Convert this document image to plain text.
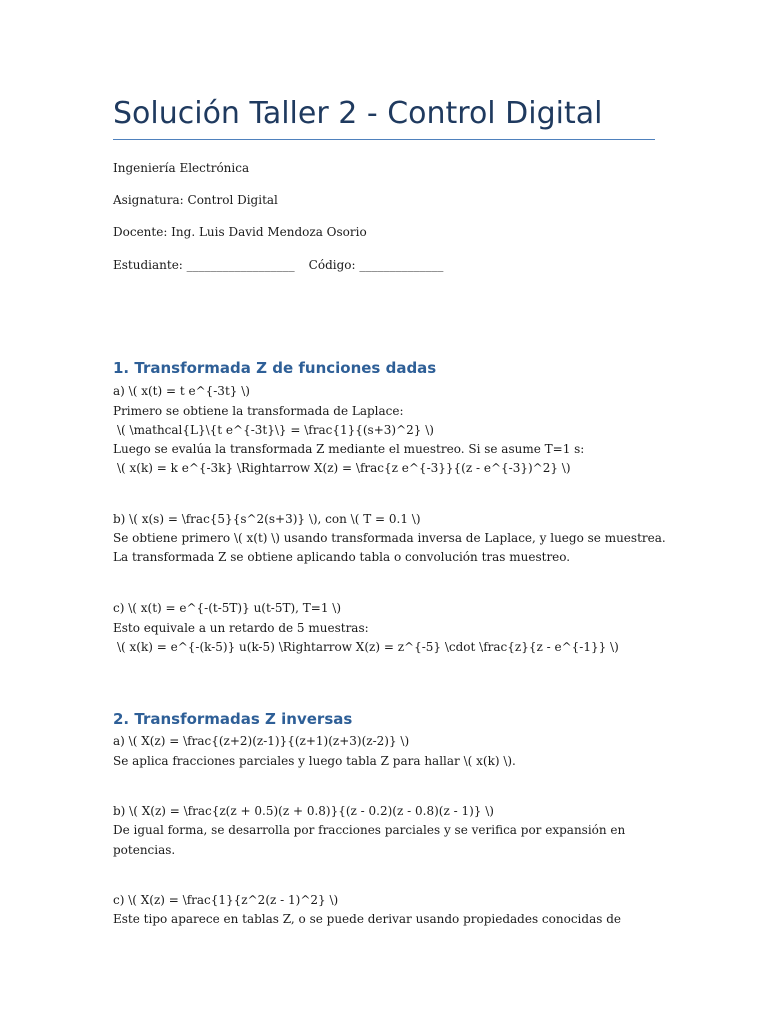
Solución Taller 2 - Control Digital
Ingeniería Electrónica
Asignatura: Control Digital
Docente: Ing. Luis David Mendoza Osorio
Estudiante: __________________ Código: ______________
1. Transformada Z de funciones dadas
a) \( x(t) = t e^{-3t} \)
Primero se obtiene la transformada de Laplace:
\( \mathcal{L}\{t e^{-3t}\} = \frac{1}{(s+3)^2} \)
Luego se evalúa la transformada Z mediante el muestreo. Si se asume T=1 s:
\( x(k) = k e^{-3k} \Rightarrow X(z) = \frac{z e^{-3}}{(z - e^{-3})^2} \)
b) \( x(s) = \frac{5}{s^2(s+3)} \), con \( T = 0.1 \)
Se obtiene primero \( x(t) \) usando transformada inversa de Laplace, y luego se muestrea.
La transformada Z se obtiene aplicando tabla o convolución tras muestreo.
c) \( x(t) = e^{-(t-5T)} u(t-5T), T=1 \)
Esto equivale a un retardo de 5 muestras:
\( x(k) = e^{-(k-5)} u(k-5) \Rightarrow X(z) = z^{-5} \cdot \frac{z}{z - e^{-1}} \)
2. Transformadas Z inversas
a) \( X(z) = \frac{(z+2)(z-1)}{(z+1)(z+3)(z-2)} \)
Se aplica fracciones parciales y luego tabla Z para hallar \( x(k) \).
b) \( X(z) = \frac{z(z + 0.5)(z + 0.8)}{(z - 0.2)(z - 0.8)(z - 1)} \)
De igual forma, se desarrolla por fracciones parciales y se verifica por expansión en potencias.
c) \( X(z) = \frac{1}{z^2(z - 1)^2} \)
Este tipo aparece en tablas Z, o se puede derivar usando propiedades conocidas de
